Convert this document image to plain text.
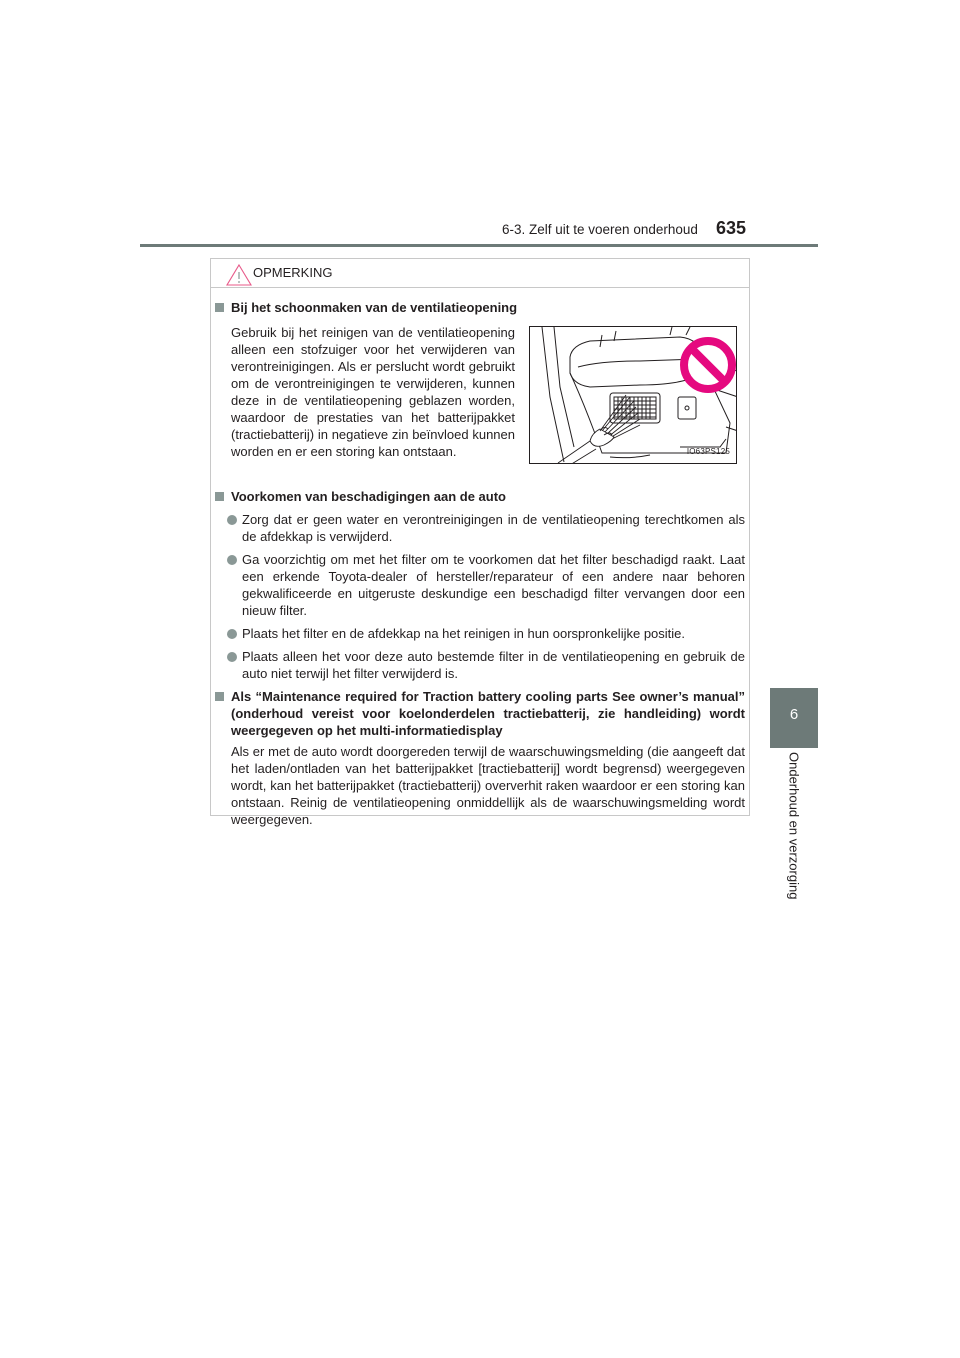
6-3. Zelf uit te voeren onderhoud 635
6
Onderhoud en verzorging
OPMERKING
Bij het schoonmaken van de ventilatieopening
Gebruik bij het reinigen van de ventilatieopening alleen een stofzuiger voor het verwijderen van verontreinigingen. Als er perslucht wordt gebruikt om de verontreinigingen te verwijderen, kunnen deze in de ventilatieopening geblazen worden, waardoor de prestaties van het batterijpakket (tractiebatterij) in negatieve zin beïnvloed kunnen worden en er een storing kan ontstaan.	IO63PS125
Voorkomen van beschadigingen aan de auto
Zorg dat er geen water en verontreinigingen in de ventilatieopening terechtkomen als de afdekkap is verwijderd.
Ga voorzichtig om met het filter om te voorkomen dat het filter beschadigd raakt. Laat een erkende Toyota-dealer of hersteller/reparateur of een andere naar behoren gekwalificeerde en uitgeruste deskundige een beschadigd filter vervangen door een nieuw filter.
Plaats het filter en de afdekkap na het reinigen in hun oorspronkelijke positie.
Plaats alleen het voor deze auto bestemde filter in de ventilatieopening en gebruik de auto niet terwijl het filter verwijderd is.
Als “Maintenance required for Traction battery cooling parts See owner’s manual” (onderhoud vereist voor koelonderdelen tractiebatterij, zie handleiding) wordt weergegeven op het multi-informatiedisplay
Als er met de auto wordt doorgereden terwijl de waarschuwingsmelding (die aangeeft dat het laden/ontladen van het batterijpakket [tractiebatterij] wordt begrensd) weergegeven wordt, kan het batterijpakket (tractiebatterij) oververhit raken waardoor er een storing kan ontstaan. Reinig de ventilatieopening onmiddellijk als de waarschuwingsmelding wordt weergegeven.
